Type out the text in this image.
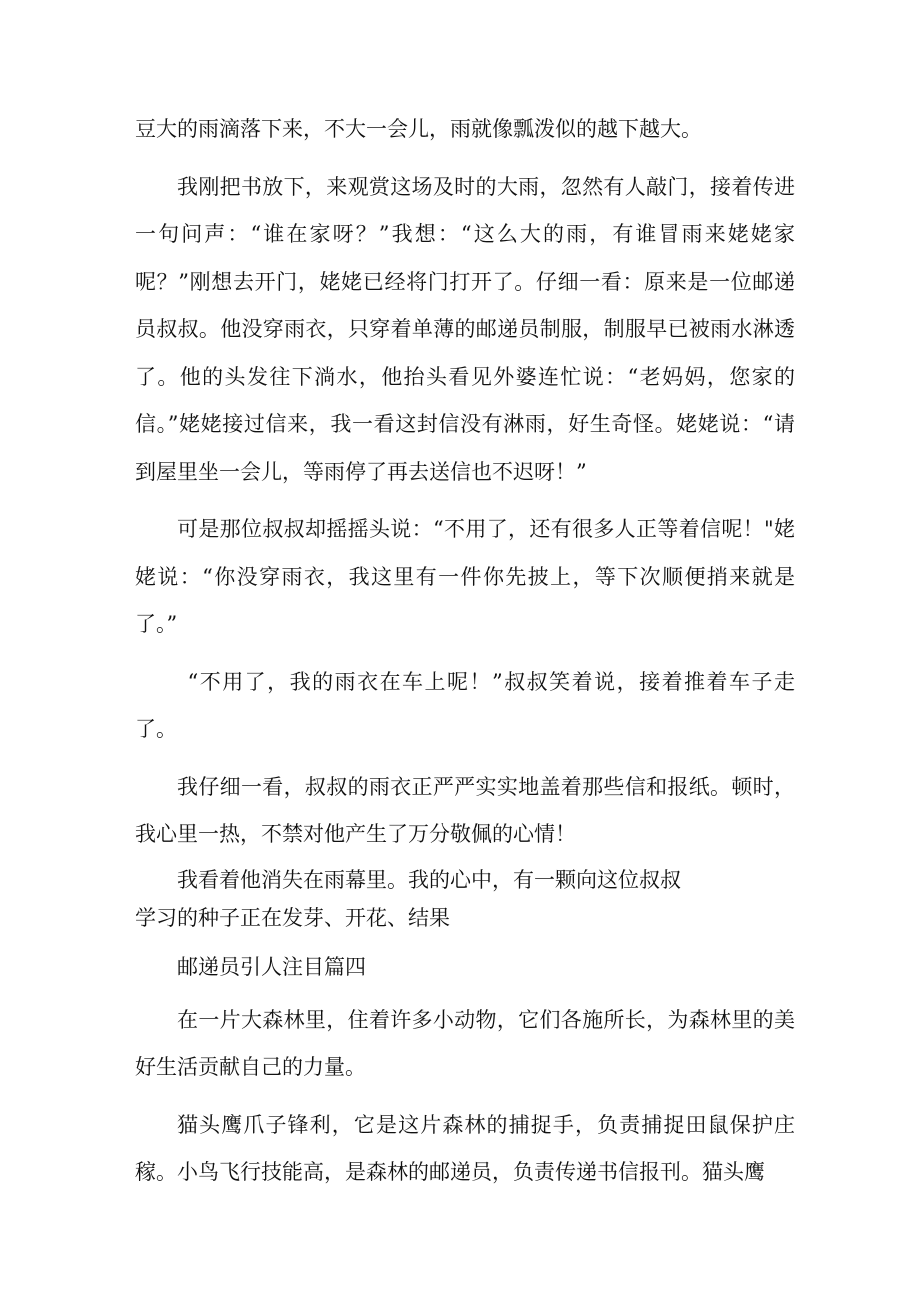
豆大的雨滴落下来，不大一会儿，雨就像瓢泼似的越下越大。

我刚把书放下，来观赏这场及时的大雨，忽然有人敲门，接着传进一句问声：“谁在家呀？”我想：“这么大的雨，有谁冒雨来姥姥家呢？”刚想去开门，姥姥已经将门打开了。仔细一看：原来是一位邮递员叔叔。他没穿雨衣，只穿着单薄的邮递员制服，制服早已被雨水淋透了。他的头发往下淌水，他抬头看见外婆连忙说：“老妈妈，您家的信。”姥姥接过信来，我一看这封信没有淋雨，好生奇怪。姥姥说：“请到屋里坐一会儿，等雨停了再去送信也不迟呀！”

可是那位叔叔却摇摇头说：“不用了，还有很多人正等着信呢！"姥姥说：“你没穿雨衣，我这里有一件你先披上，等下次顺便捎来就是了。”

“不用了，我的雨衣在车上呢！”叔叔笑着说，接着推着车子走了。

我仔细一看，叔叔的雨衣正严严实实地盖着那些信和报纸。顿时，我心里一热，不禁对他产生了万分敬佩的心情！

我看着他消失在雨幕里。我的心中，有一颗向这位叔叔

学习的种子正在发芽、开花、结果

邮递员引人注目篇四

在一片大森林里，住着许多小动物，它们各施所长，为森林里的美好生活贡献自己的力量。

猫头鹰爪子锋利，它是这片森林的捕捉手，负责捕捉田鼠保护庄稼。小鸟飞行技能高，是森林的邮递员，负责传递书信报刊。猫头鹰
